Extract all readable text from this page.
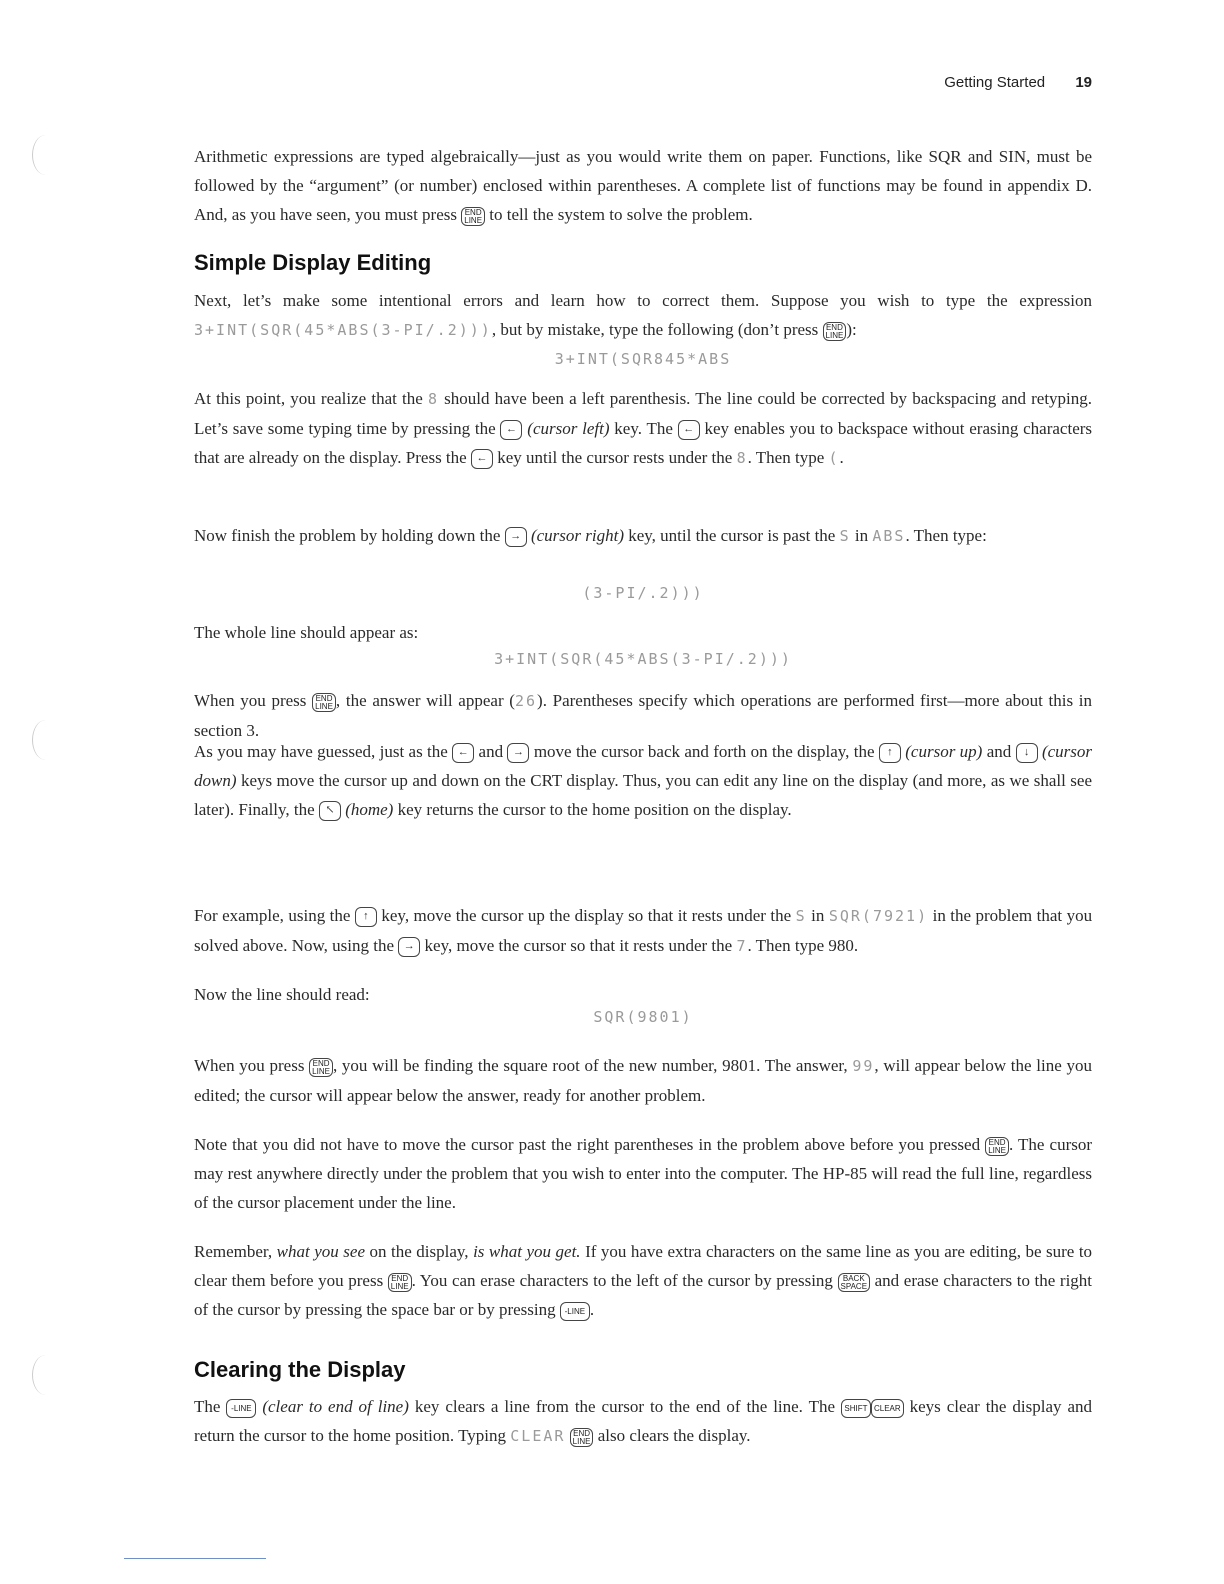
Getting Started 19

Arithmetic expressions are typed algebraically—just as you would write them on paper. Functions, like SQR and SIN, must be followed by the “argument” (or number) enclosed within parentheses. A complete list of functions may be found in appendix D. And, as you have seen, you must press END
LINE to tell the system to solve the problem.

Simple Display Editing

Next, let’s make some intentional errors and learn how to correct them. Suppose you wish to type the expression 3+INT(SQR(45*ABS(3-PI/.2))), but by mistake, type the following (don’t press END
LINE ):

3+INT(SQR845*ABS

At this point, you realize that the 8 should have been a left parenthesis. The line could be corrected by backspacing and retyping. Let’s save some typing time by pressing the ← (cursor left) key. The ← key enables you to backspace without erasing characters that are already on the display. Press the ← key until the cursor rests under the 8. Then type (.

Now finish the problem by holding down the → (cursor right) key, until the cursor is past the S in ABS. Then type:

(3-PI/.2)))

The whole line should appear as:

3+INT(SQR(45*ABS(3-PI/.2)))

When you press END
LINE , the answer will appear (26). Parentheses specify which operations are performed first—more about this in section 3.

As you may have guessed, just as the ← and → move the cursor back and forth on the display, the ↑ (cursor up) and ↓ (cursor down) keys move the cursor up and down on the CRT display. Thus, you can edit any line on the display (and more, as we shall see later). Finally, the ↖ (home) key returns the cursor to the home position on the display.

For example, using the ↑ key, move the cursor up the display so that it rests under the S in SQR(7921) in the problem that you solved above. Now, using the → key, move the cursor so that it rests under the 7. Then type 980.

Now the line should read:

SQR(9801)

When you press END
LINE , you will be finding the square root of the new number, 9801. The answer, 99, will appear below the line you edited; the cursor will appear below the answer, ready for another problem.

Note that you did not have to move the cursor past the right parentheses in the problem above before you pressed END
LINE . The cursor may rest anywhere directly under the problem that you wish to enter into the computer. The HP-85 will read the full line, regardless of the cursor placement under the line.

Remember, what you see on the display, is what you get. If you have extra characters on the same line as you are editing, be sure to clear them before you press END
LINE . You can erase characters to the left of the cursor by pressing BACK
SPACE and erase characters to the right of the cursor by pressing the space bar or by pressing -LINE .

Clearing the Display

The -LINE (clear to end of line) key clears a line from the cursor to the end of the line. The SHIFT CLEAR keys clear the display and return the cursor to the home position. Typing CLEAR END
LINE also clears the display.
